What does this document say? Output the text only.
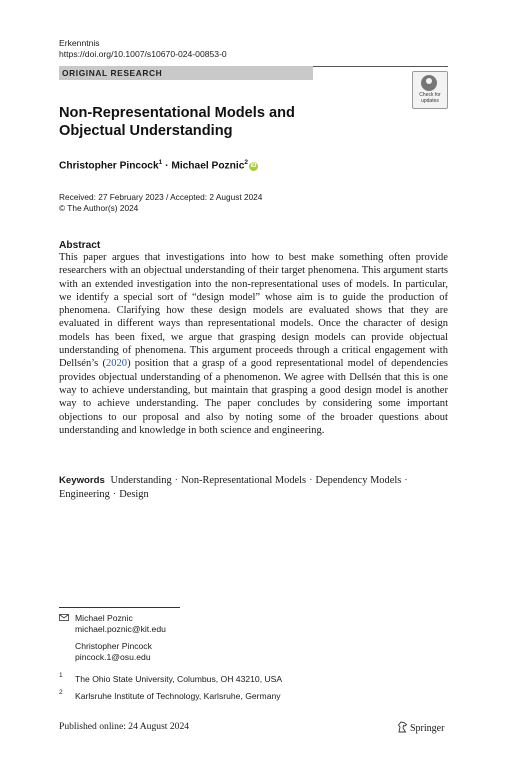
Erkenntnis
https://doi.org/10.1007/s10670-024-00853-0
ORIGINAL RESEARCH
Check for updates
Non-Representational Models and Objectual Understanding
Christopher Pincock$^1$ · Michael Poznic$^2$iD
Received: 27 February 2023 / Accepted: 2 August 2024
© The Author(s) 2024
Abstract
This paper argues that investigations into how to best make something often provide researchers with an objectual understanding of their target phenomena. This argument starts with an extended investigation into the non-representational uses of models. In particular, we identify a special sort of “design model” whose aim is to guide the production of phenomena. Clarifying how these design models are evaluated shows that they are evaluated in different ways than representational models. Once the character of design models has been fixed, we argue that grasping design models can provide objectual understanding of phenomena. This argument proceeds through a critical engagement with Dellsén’s (2020) position that a grasp of a good representational model of dependencies provides objectual understanding of a phenomenon. We agree with Dellsén that this is one way to achieve understanding, but maintain that grasping a good design model is another way to achieve understanding. The paper concludes by considering some important objections to our proposal and also by noting some of the broader questions about understanding and knowledge in both science and engineering.
Keywords Understanding · Non-Representational Models · Dependency Models ·
Engineering · Design
Michael Poznic
michael.poznic@kit.edu
Christopher Pincock
pincock.1@osu.edu
1 The Ohio State University, Columbus, OH 43210, USA
2 Karlsruhe Institute of Technology, Karlsruhe, Germany
Published online: 24 August 2024	Springer
